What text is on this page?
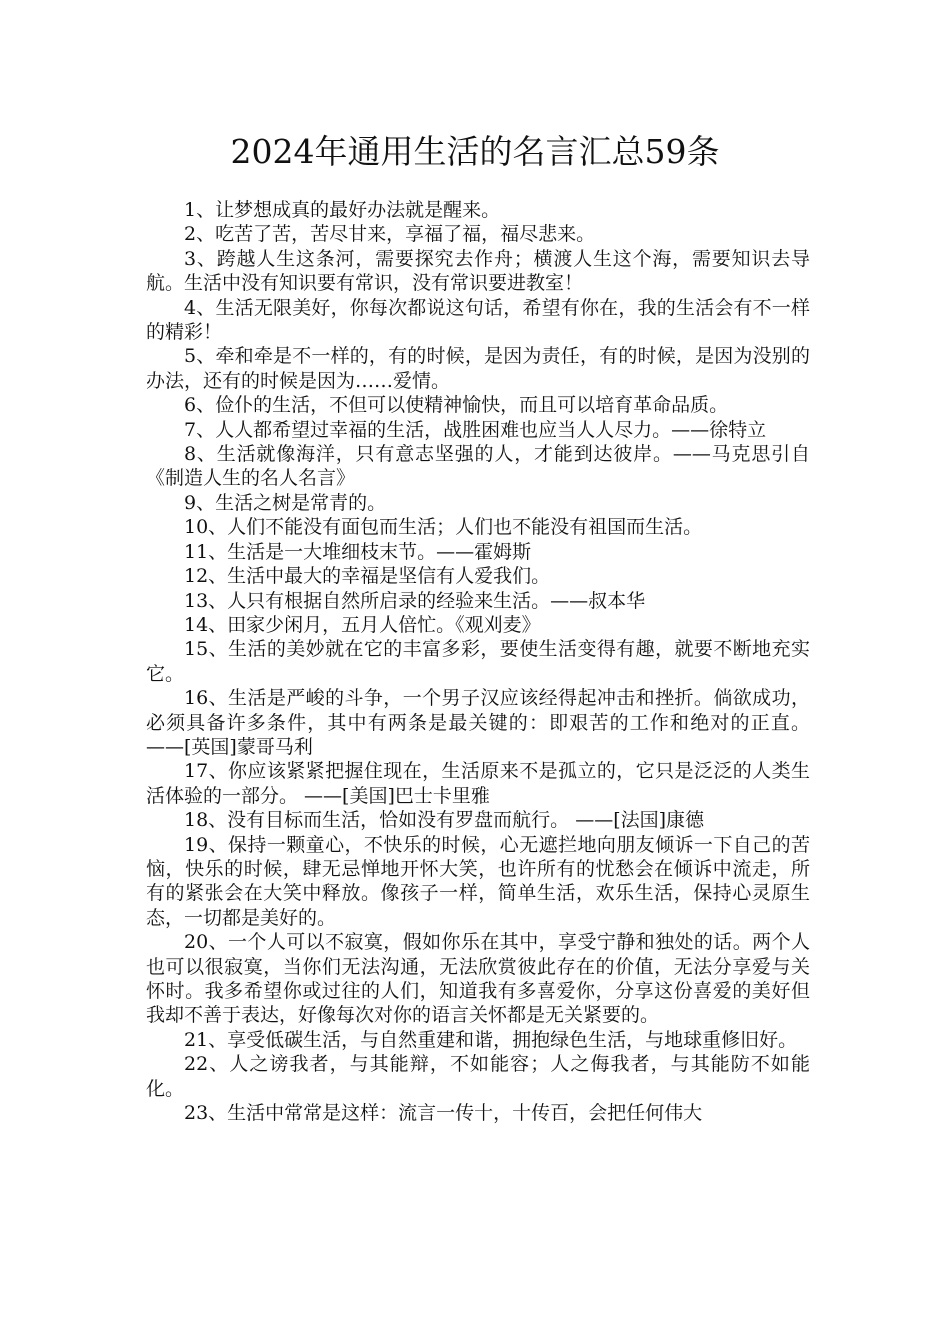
2024年通用生活的名言汇总59条

1、让梦想成真的最好办法就是醒来。

2、吃苦了苦，苦尽甘来，享福了福，福尽悲来。

3、跨越人生这条河，需要探究去作舟；横渡人生这个海，需要知识去导航。生活中没有知识要有常识，没有常识要进教室！

4、生活无限美好，你每次都说这句话，希望有你在，我的生活会有不一样的精彩！

5、牵和牵是不一样的，有的时候，是因为责任，有的时候，是因为没别的办法，还有的时候是因为……爱情。

6、俭仆的生活，不但可以使精神愉快，而且可以培育革命品质。

7、人人都希望过幸福的生活，战胜困难也应当人人尽力。——徐特立

8、生活就像海洋，只有意志坚强的人，才能到达彼岸。——马克思引自《制造人生的名人名言》

9、生活之树是常青的。

10、人们不能没有面包而生活；人们也不能没有祖国而生活。

11、生活是一大堆细枝末节。——霍姆斯

12、生活中最大的幸福是坚信有人爱我们。

13、人只有根据自然所启录的经验来生活。——叔本华

14、田家少闲月，五月人倍忙。《观刈麦》

15、生活的美妙就在它的丰富多彩，要使生活变得有趣，就要不断地充实它。

16、生活是严峻的斗争，一个男子汉应该经得起冲击和挫折。倘欲成功，必须具备许多条件，其中有两条是最关键的：即艰苦的工作和绝对的正直。 ——[英国]蒙哥马利

17、你应该紧紧把握住现在，生活原来不是孤立的，它只是泛泛的人类生活体验的一部分。 ——[美国]巴士卡里雅

18、没有目标而生活，恰如没有罗盘而航行。 ——[法国]康德

19、保持一颗童心，不快乐的时候，心无遮拦地向朋友倾诉一下自己的苦恼，快乐的时候，肆无忌惮地开怀大笑，也许所有的忧愁会在倾诉中流走，所有的紧张会在大笑中释放。像孩子一样，简单生活，欢乐生活，保持心灵原生态，一切都是美好的。

20、一个人可以不寂寞，假如你乐在其中，享受宁静和独处的话。两个人也可以很寂寞，当你们无法沟通，无法欣赏彼此存在的价值，无法分享爱与关怀时。我多希望你或过往的人们，知道我有多喜爱你，分享这份喜爱的美好但我却不善于表达，好像每次对你的语言关怀都是无关紧要的。

21、享受低碳生活，与自然重建和谐，拥抱绿色生活，与地球重修旧好。

22、人之谤我者，与其能辩，不如能容；人之侮我者，与其能防不如能化。

23、生活中常常是这样：流言一传十，十传百，会把任何伟大
